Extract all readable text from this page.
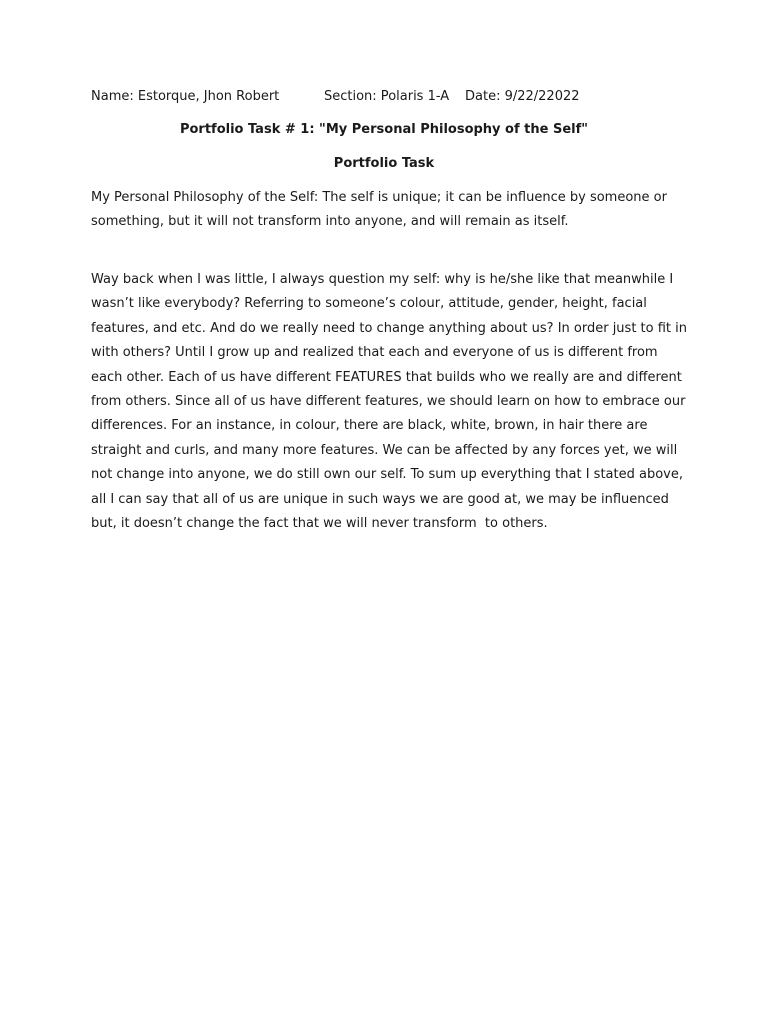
Name: Estorque, Jhon Robert	Section: Polaris 1-A Date: 9/22/22022
Portfolio Task # 1: "My Personal Philosophy of the Self"
Portfolio Task

My Personal Philosophy of the Self: The self is unique; it can be influence by someone or
something, but it will not transform into anyone, and will remain as itself.

Way back when I was little, I always question my self: why is he/she like that meanwhile I
wasn’t like everybody? Referring to someone’s colour, attitude, gender, height, facial
features, and etc. And do we really need to change anything about us? In order just to fit in
with others? Until I grow up and realized that each and everyone of us is different from
each other. Each of us have different FEATURES that builds who we really are and different
from others. Since all of us have different features, we should learn on how to embrace our
differences. For an instance, in colour, there are black, white, brown, in hair there are
straight and curls, and many more features. We can be affected by any forces yet, we will
not change into anyone, we do still own our self. To sum up everything that I stated above,
all I can say that all of us are unique in such ways we are good at, we may be influenced
but, it doesn’t change the fact that we will never transform  to others.
